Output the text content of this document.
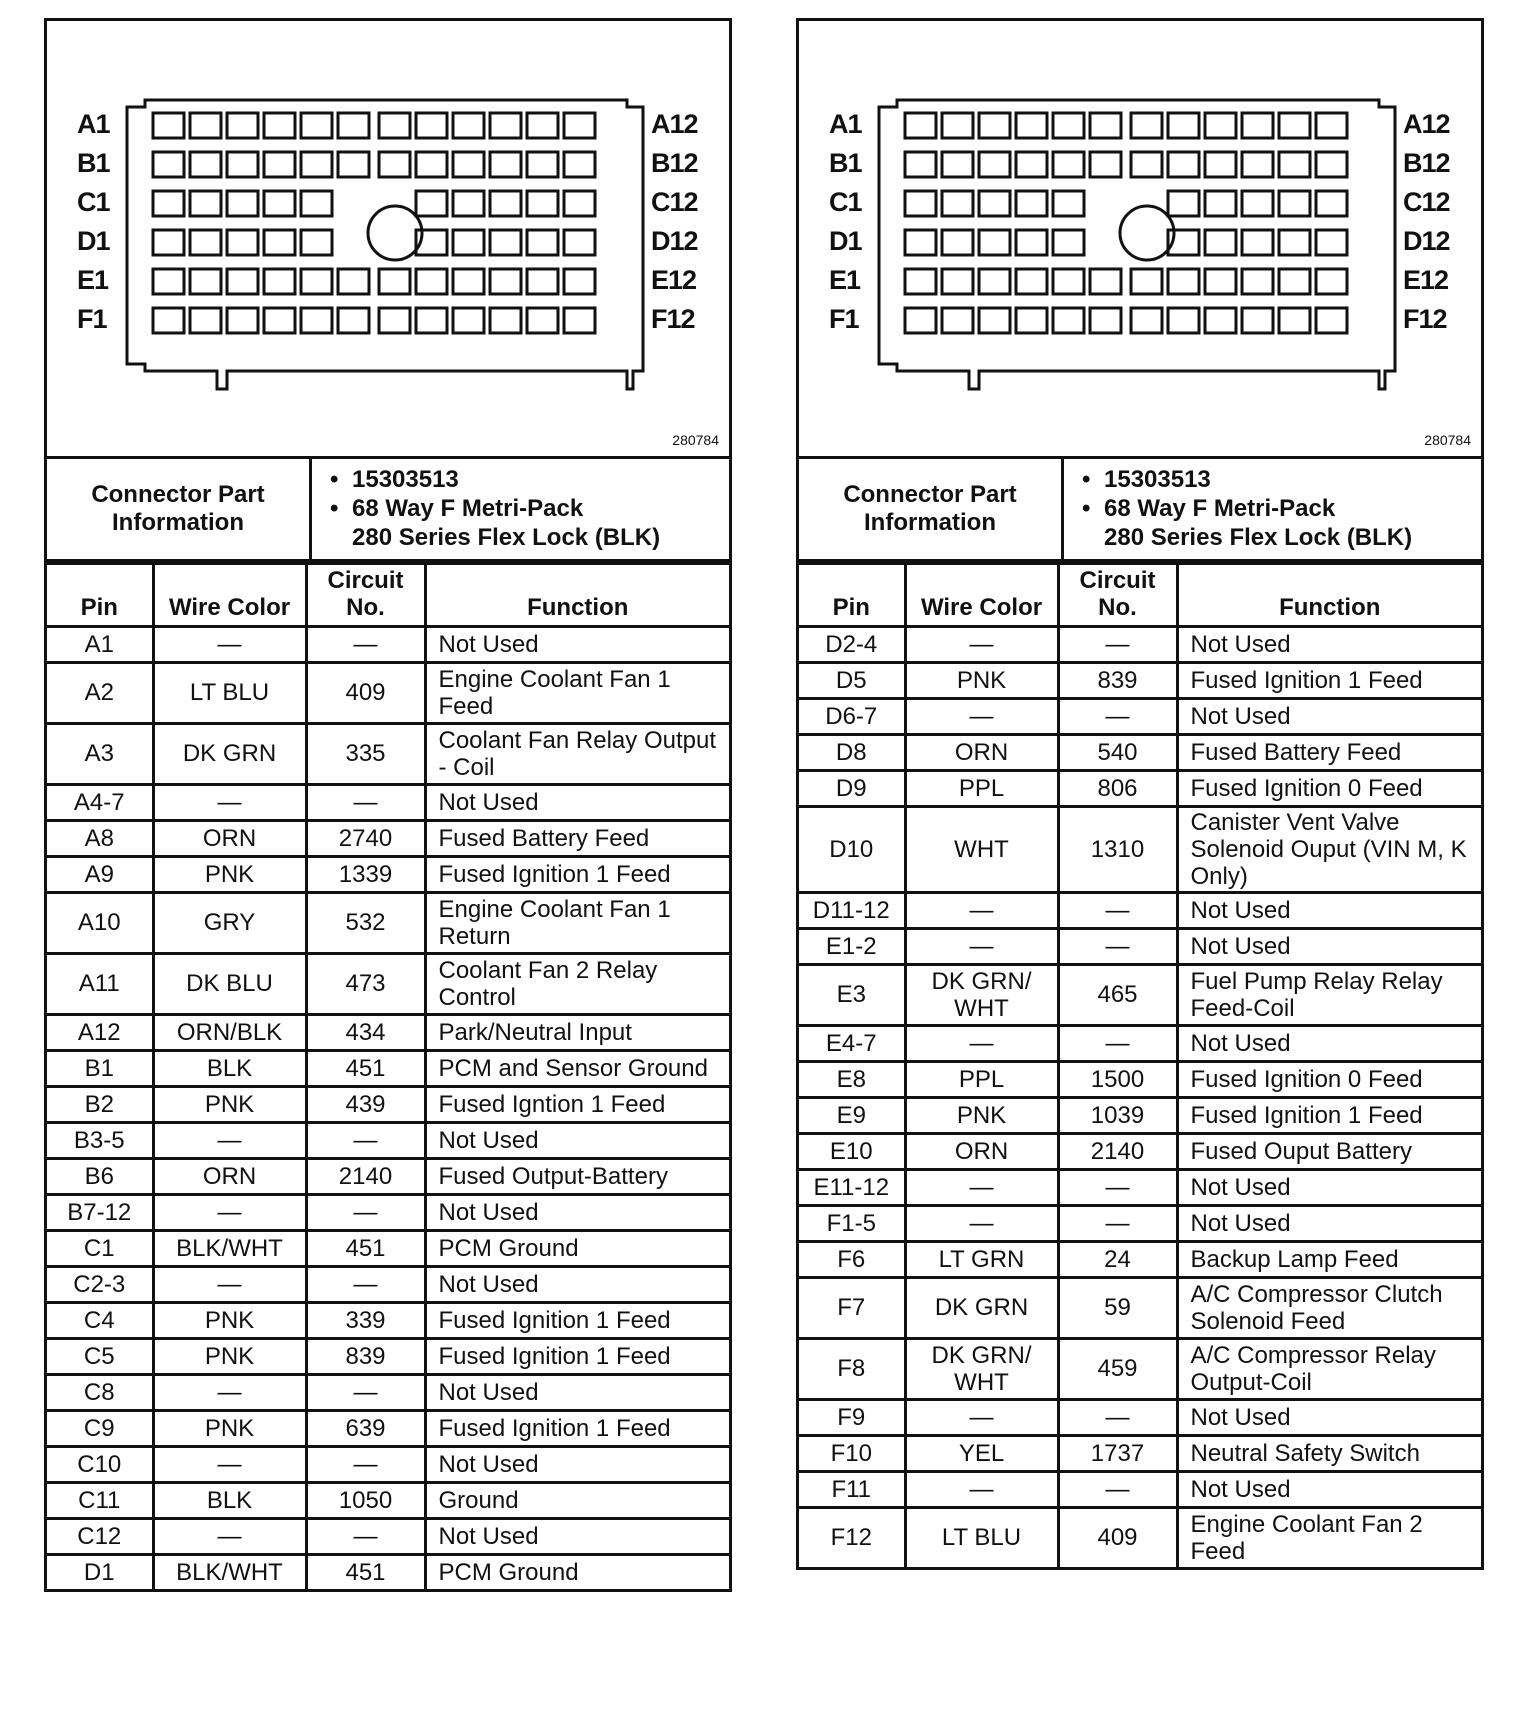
280784
A1	A12
B1	B12
C1	C12
D1	D12
E1	E12
F1	F12
Connector Part Information
• 15303513
• 68 Way F Metri-Pack
280 Series Flex Lock (BLK)
Pin	Wire Color	Circuit No.	Function
A1	—	—	Not Used
A2	LT BLU	409	Engine Coolant Fan 1 Feed
A3	DK GRN	335	Coolant Fan Relay Output - Coil
A4-7	—	—	Not Used
A8	ORN	2740	Fused Battery Feed
A9	PNK	1339	Fused Ignition 1 Feed
A10	GRY	532	Engine Coolant Fan 1 Return
A11	DK BLU	473	Coolant Fan 2 Relay Control
A12	ORN/BLK	434	Park/Neutral Input
B1	BLK	451	PCM and Sensor Ground
B2	PNK	439	Fused Igntion 1 Feed
B3-5	—	—	Not Used
B6	ORN	2140	Fused Output-Battery
B7-12	—	—	Not Used
C1	BLK/WHT	451	PCM Ground
C2-3	—	—	Not Used
C4	PNK	339	Fused Ignition 1 Feed
C5	PNK	839	Fused Ignition 1 Feed
C8	—	—	Not Used
C9	PNK	639	Fused Ignition 1 Feed
C10	—	—	Not Used
C11	BLK	1050	Ground
C12	—	—	Not Used
D1	BLK/WHT	451	PCM Ground
280784
A1	A12
B1	B12
C1	C12
D1	D12
E1	E12
F1	F12
Connector Part Information
• 15303513
• 68 Way F Metri-Pack
280 Series Flex Lock (BLK)
Pin	Wire Color	Circuit No.	Function
D2-4	—	—	Not Used
D5	PNK	839	Fused Ignition 1 Feed
D6-7	—	—	Not Used
D8	ORN	540	Fused Battery Feed
D9	PPL	806	Fused Ignition 0 Feed
D10	WHT	1310	Canister Vent Valve Solenoid Ouput (VIN M, K Only)
D11-12	—	—	Not Used
E1-2	—	—	Not Used
E3	DK GRN/ WHT	465	Fuel Pump Relay Relay Feed-Coil
E4-7	—	—	Not Used
E8	PPL	1500	Fused Ignition 0 Feed
E9	PNK	1039	Fused Ignition 1 Feed
E10	ORN	2140	Fused Ouput Battery
E11-12	—	—	Not Used
F1-5	—	—	Not Used
F6	LT GRN	24	Backup Lamp Feed
F7	DK GRN	59	A/C Compressor Clutch Solenoid Feed
F8	DK GRN/ WHT	459	A/C Compressor Relay Output-Coil
F9	—	—	Not Used
F10	YEL	1737	Neutral Safety Switch
F11	—	—	Not Used
F12	LT BLU	409	Engine Coolant Fan 2 Feed
